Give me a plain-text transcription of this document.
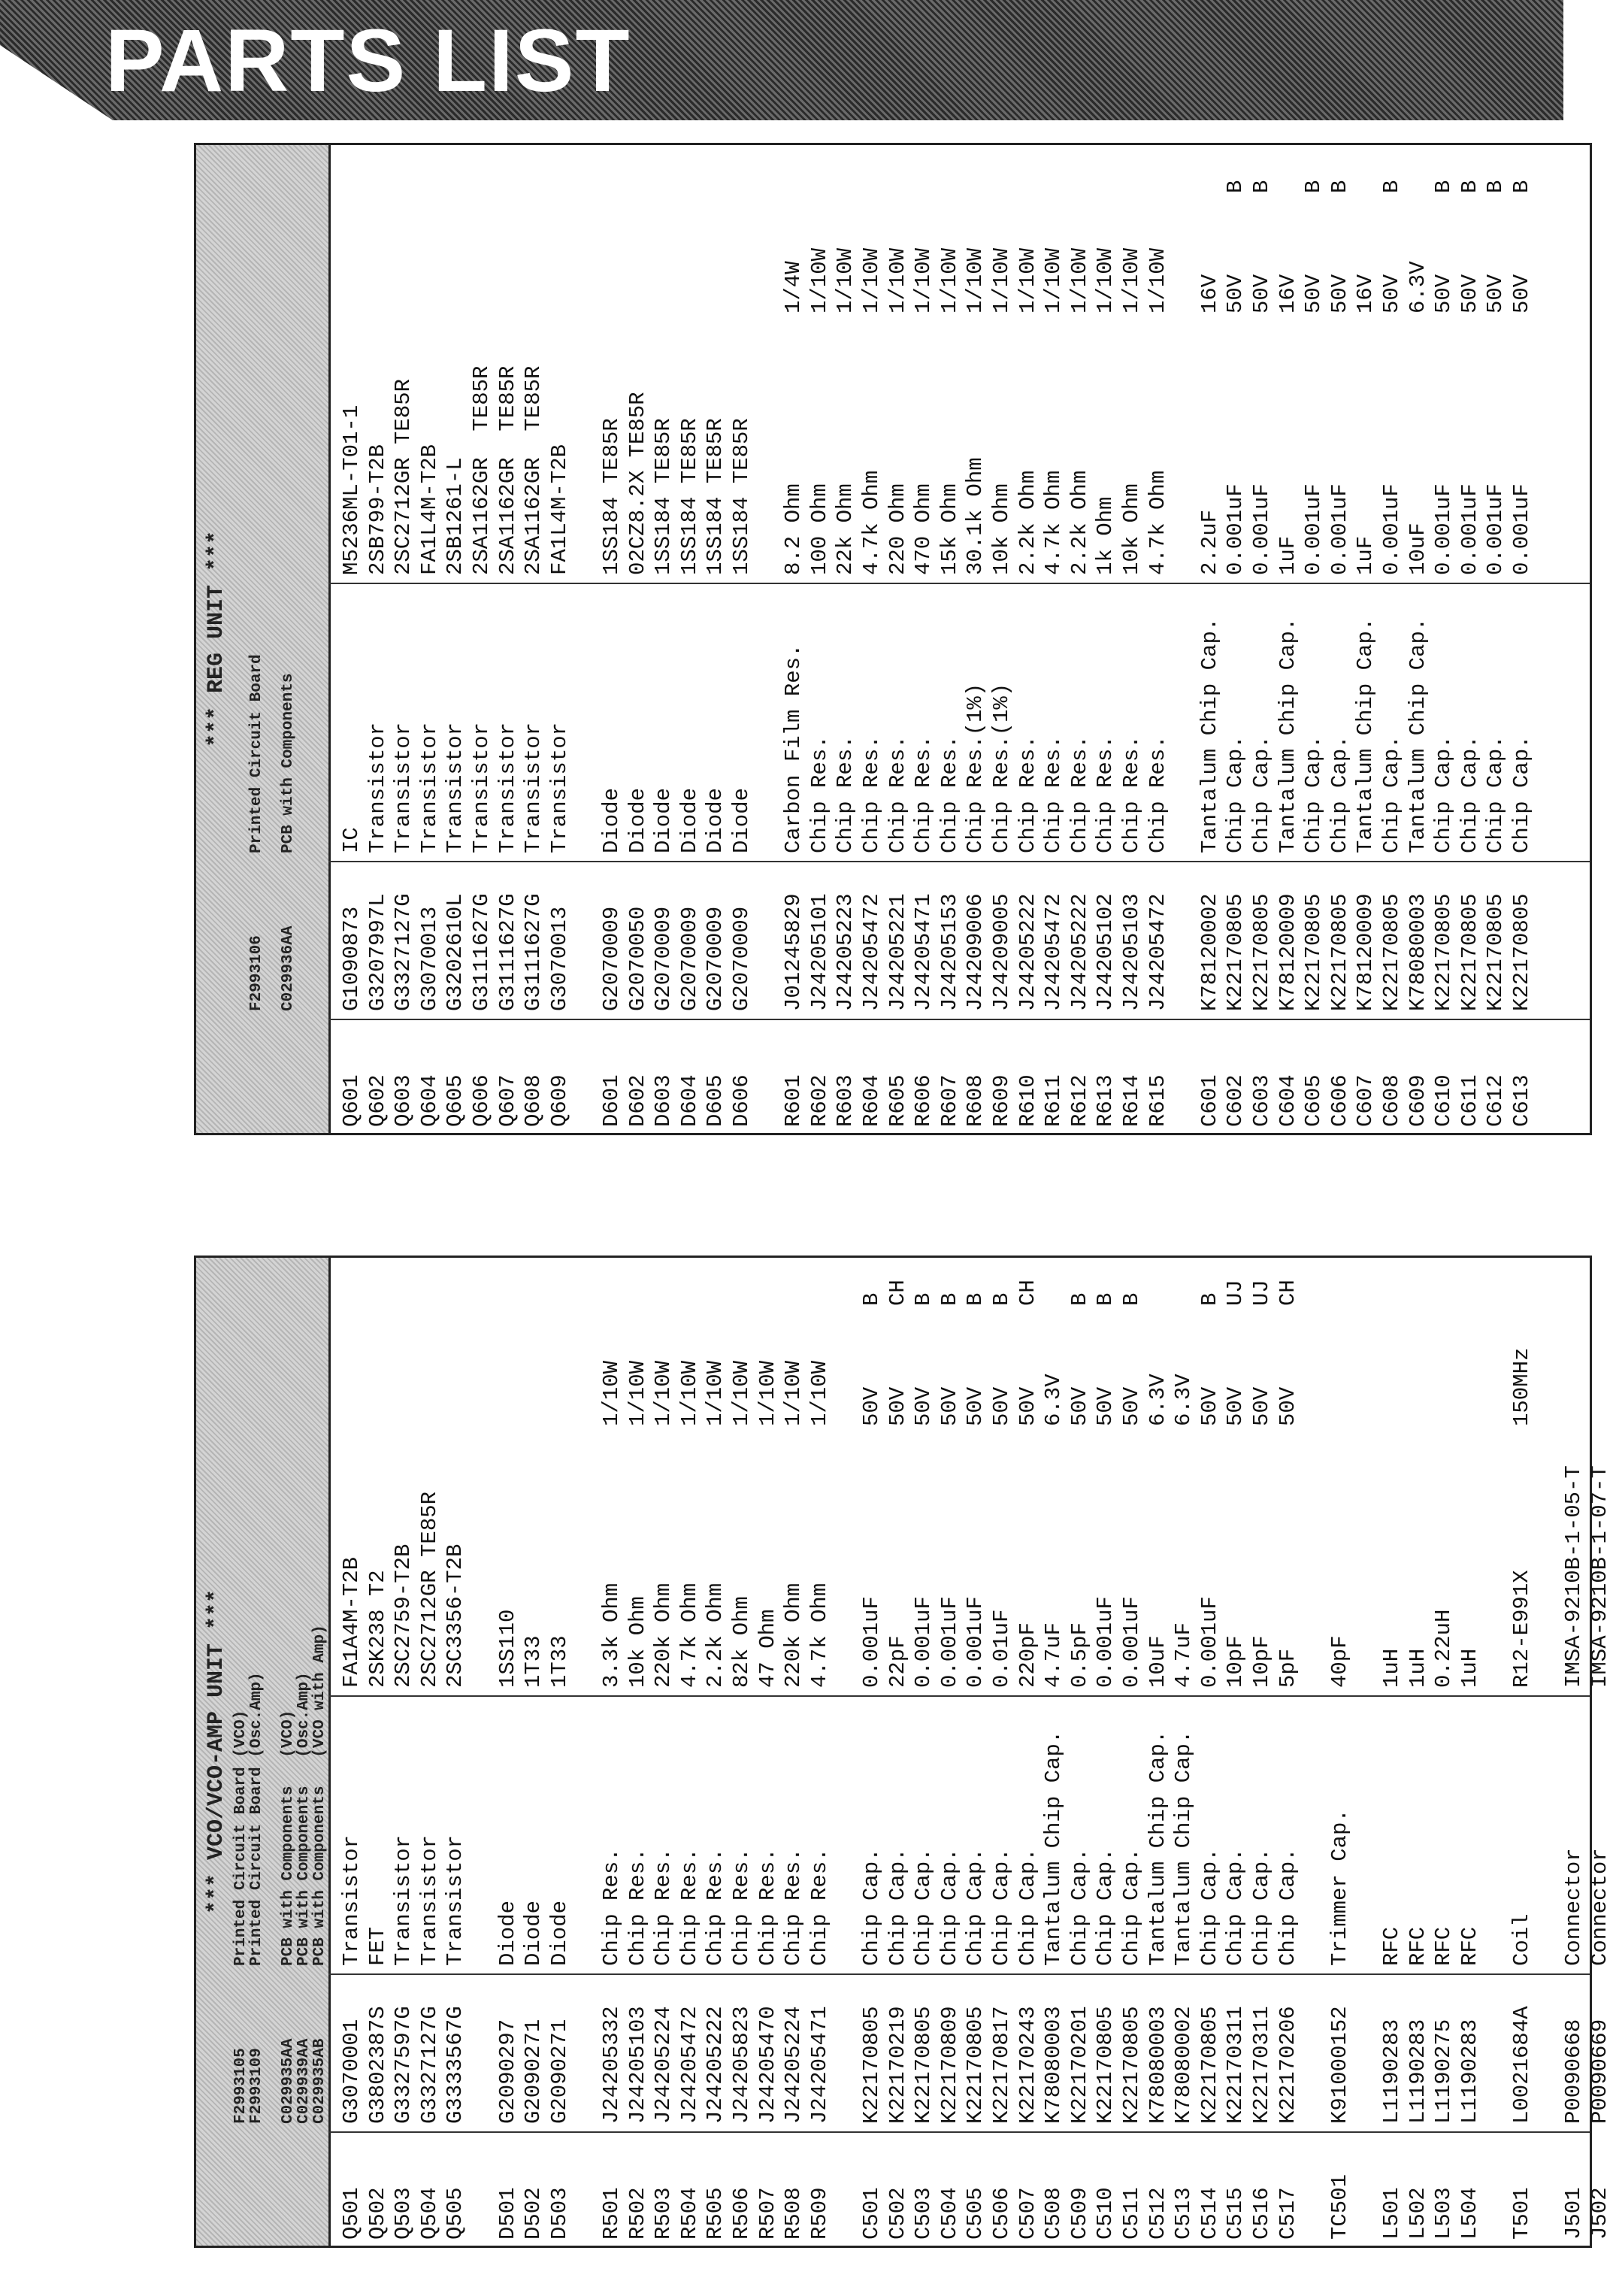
PARTS LIST
*** VCO/VCO-AMP UNIT ***
F2993105
Printed Circuit Board (VCO)
F2993109
Printed Circuit Board (Osc.Amp)
C029935AA
PCB with Components   (VCO)
C029939AA
PCB with Components   (Osc.Amp)
C029935AB
PCB with Components   (VCO with Amp)
Q501
G3070001
Transistor
FA1A4M-T2B
Q502
G3802387S
FET
2SK238 T2
Q503
G3327597G
Transistor
2SC2759-T2B
Q504
G3327127G
Transistor
2SC2712GR TE85R
Q505
G3333567G
Transistor
2SC3356-T2B
D501
G2090297
Diode
1SS110
D502
G2090271
Diode
1T33
D503
G2090271
Diode
1T33
R501
J24205332
Chip Res.
3.3k Ohm
1/10W
R502
J24205103
Chip Res.
10k Ohm
1/10W
R503
J24205224
Chip Res.
220k Ohm
1/10W
R504
J24205472
Chip Res.
4.7k Ohm
1/10W
R505
J24205222
Chip Res.
2.2k Ohm
1/10W
R506
J24205823
Chip Res.
82k Ohm
1/10W
R507
J24205470
Chip Res.
47 Ohm
1/10W
R508
J24205224
Chip Res.
220k Ohm
1/10W
R509
J24205471
Chip Res.
4.7k Ohm
1/10W
C501
K22170805
Chip Cap.
0.001uF
50V
B
C502
K22170219
Chip Cap.
22pF
50V
CH
C503
K22170805
Chip Cap.
0.001uF
50V
B
C504
K22170809
Chip Cap.
0.001uF
50V
B
C505
K22170805
Chip Cap.
0.001uF
50V
B
C506
K22170817
Chip Cap.
0.01uF
50V
B
C507
K22170243
Chip Cap.
220pF
50V
CH
C508
K78080003
Tantalum Chip Cap.
4.7uF
6.3V
C509
K22170201
Chip Cap.
0.5pF
50V
B
C510
K22170805
Chip Cap.
0.001uF
50V
B
C511
K22170805
Chip Cap.
0.001uF
50V
B
C512
K78080003
Tantalum Chip Cap.
10uF
6.3V
C513
K78080002
Tantalum Chip Cap.
4.7uF
6.3V
C514
K22170805
Chip Cap.
0.001uF
50V
B
C515
K22170311
Chip Cap.
10pF
50V
UJ
C516
K22170311
Chip Cap.
10pF
50V
UJ
C517
K22170206
Chip Cap.
5pF
50V
CH
TC501
K91000152
Trimmer Cap.
40pF
L501
L1190283
RFC
1uH
L502
L1190283
RFC
1uH
L503
L1190275
RFC
0.22uH
L504
L1190283
RFC
1uH
T501
L0021684A
Coil
R12-E991X
150MHz
J501
P0090668
Connector
IMSA-9210B-1-05-T
J502
P0090669
Connector
IMSA-9210B-1-07-T
*** REG UNIT ***
F2993106
Printed Circuit Board
C029936AA
PCB with Components
Q601
G1090873
IC
M5236ML-T01-1
Q602
G3207997L
Transistor
2SB799-T2B
Q603
G3327127G
Transistor
2SC2712GR TE85R
Q604
G3070013
Transistor
FA1L4M-T2B
Q605
G3202610L
Transistor
2SB1261-L
Q606
G3111627G
Transistor
2SA1162GR  TE85R
Q607
G3111627G
Transistor
2SA1162GR  TE85R
Q608
G3111627G
Transistor
2SA1162GR  TE85R
Q609
G3070013
Transistor
FA1L4M-T2B
D601
G2070009
Diode
1SS184 TE85R
D602
G2070050
Diode
02CZ8.2X TE85R
D603
G2070009
Diode
1SS184 TE85R
D604
G2070009
Diode
1SS184 TE85R
D605
G2070009
Diode
1SS184 TE85R
D606
G2070009
Diode
1SS184 TE85R
R601
J01245829
Carbon Film Res.
8.2 Ohm
1/4W
R602
J24205101
Chip Res.
100 Ohm
1/10W
R603
J24205223
Chip Res.
22k Ohm
1/10W
R604
J24205472
Chip Res.
4.7k Ohm
1/10W
R605
J24205221
Chip Res.
220 Ohm
1/10W
R606
J24205471
Chip Res.
470 Ohm
1/10W
R607
J24205153
Chip Res.
15k Ohm
1/10W
R608
J24209006
Chip Res.(1%)
30.1k Ohm
1/10W
R609
J24209005
Chip Res.(1%)
10k Ohm
1/10W
R610
J24205222
Chip Res.
2.2k Ohm
1/10W
R611
J24205472
Chip Res.
4.7k Ohm
1/10W
R612
J24205222
Chip Res.
2.2k Ohm
1/10W
R613
J24205102
Chip Res.
1k Ohm
1/10W
R614
J24205103
Chip Res.
10k Ohm
1/10W
R615
J24205472
Chip Res.
4.7k Ohm
1/10W
C601
K78120002
Tantalum Chip Cap.
2.2uF
16V
C602
K22170805
Chip Cap.
0.001uF
50V
B
C603
K22170805
Chip Cap.
0.001uF
50V
B
C604
K78120009
Tantalum Chip Cap.
1uF
16V
C605
K22170805
Chip Cap.
0.001uF
50V
B
C606
K22170805
Chip Cap.
0.001uF
50V
B
C607
K78120009
Tantalum Chip Cap.
1uF
16V
C608
K22170805
Chip Cap.
0.001uF
50V
B
C609
K78080003
Tantalum Chip Cap.
10uF
6.3V
C610
K22170805
Chip Cap.
0.001uF
50V
B
C611
K22170805
Chip Cap.
0.001uF
50V
B
C612
K22170805
Chip Cap.
0.001uF
50V
B
C613
K22170805
Chip Cap.
0.001uF
50V
B
